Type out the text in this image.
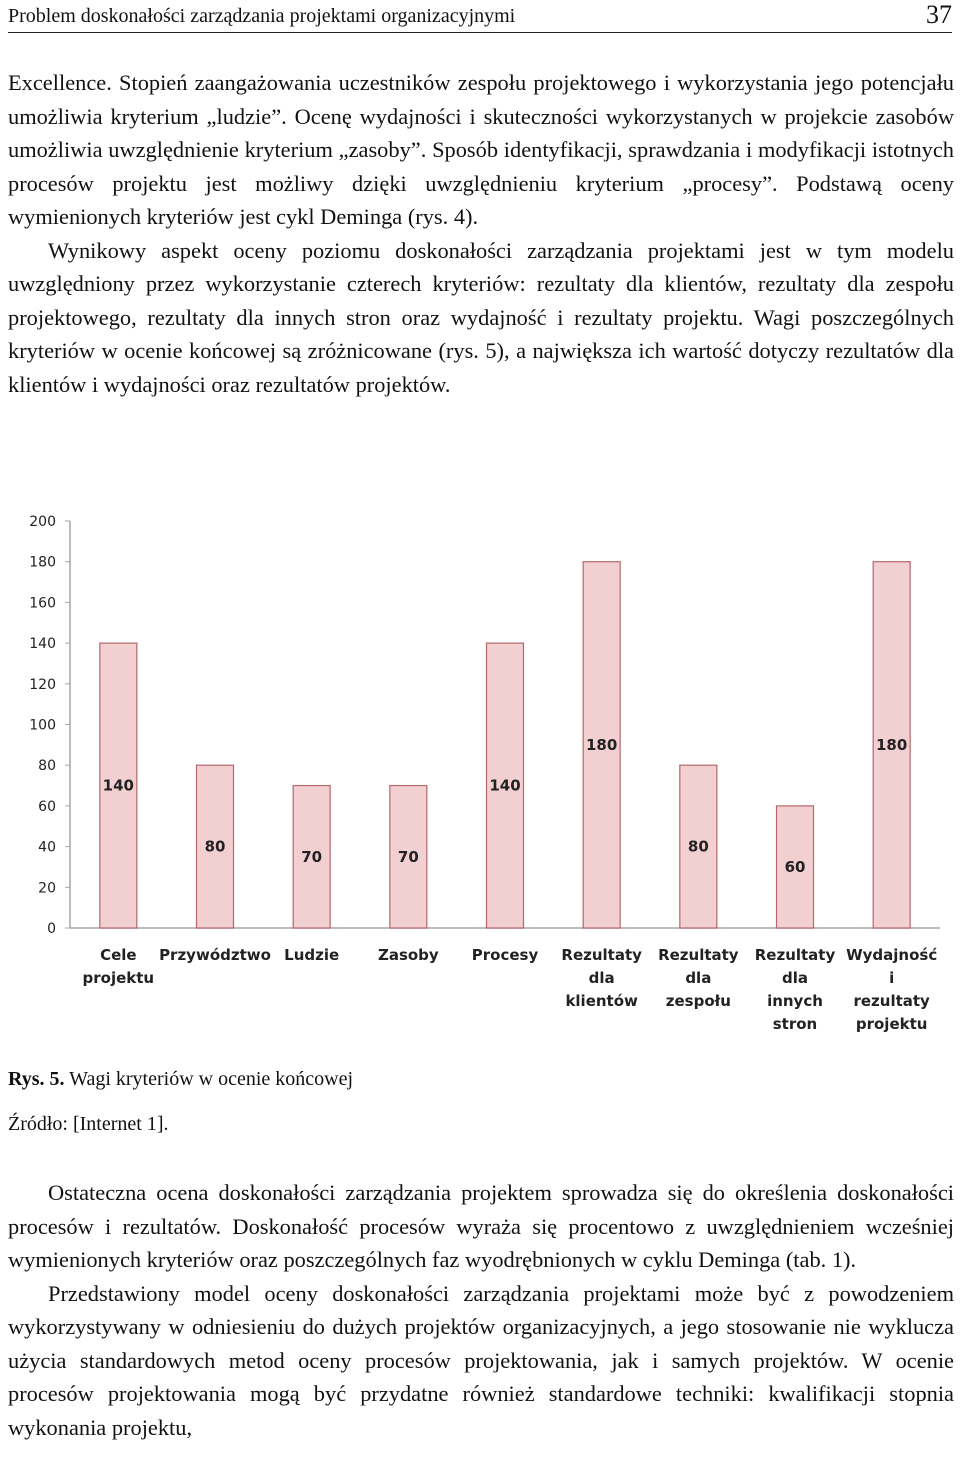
Problem doskonałości zarządzania projektami organizacyjnymi	37

Excellence. Stopień zaangażowania uczestników zespołu projektowego i wykorzystania jego potencjału umożliwia kryterium „ludzie”. Ocenę wydajności i skuteczności wykorzystanych w projekcie zasobów umożliwia uwzględnienie kryterium „zasoby”. Sposób identyfikacji, sprawdzania i modyfikacji istotnych procesów projektu jest możliwy dzięki uwzględnieniu kryterium „procesy”. Podstawą oceny wymienionych kryteriów jest cykl Deminga (rys. 4).

Wynikowy aspekt oceny poziomu doskonałości zarządzania projektami jest w tym modelu uwzględniony przez wykorzystanie czterech kryteriów: rezultaty dla klientów, rezultaty dla zespołu projektowego, rezultaty dla innych stron oraz wydajność i rezultaty projektu. Wagi poszczególnych kryteriów w ocenie końcowej są zróżnicowane (rys. 5), a największa ich wartość dotyczy rezultatów dla klientów i wydajności oraz rezultatów projektów.

0
20
40
60
80
100
120
140
160
180
200
140
Cele
projektu
80
Przywództwo
70
Ludzie
70
Zasoby
140
Procesy
180
Rezultaty
dla
klientów
80
Rezultaty
dla
zespołu
60
Rezultaty
dla
innych
stron
180
Wydajność
i
rezultaty
projektu
Rys. 5. Wagi kryteriów w ocenie końcowej
Źródło: [Internet 1].

Ostateczna ocena doskonałości zarządzania projektem sprowadza się do określenia doskonałości procesów i rezultatów. Doskonałość procesów wyraża się procentowo z uwzględnieniem wcześniej wymienionych kryteriów oraz poszczególnych faz wyodrębnionych w cyklu Deminga (tab. 1).

Przedstawiony model oceny doskonałości zarządzania projektami może być z powodzeniem wykorzystywany w odniesieniu do dużych projektów organizacyjnych, a jego stosowanie nie wyklucza użycia standardowych metod oceny procesów projektowania, jak i samych projektów. W ocenie procesów projektowania mogą być przydatne również standardowe techniki: kwalifikacji stopnia wykonania projektu,
